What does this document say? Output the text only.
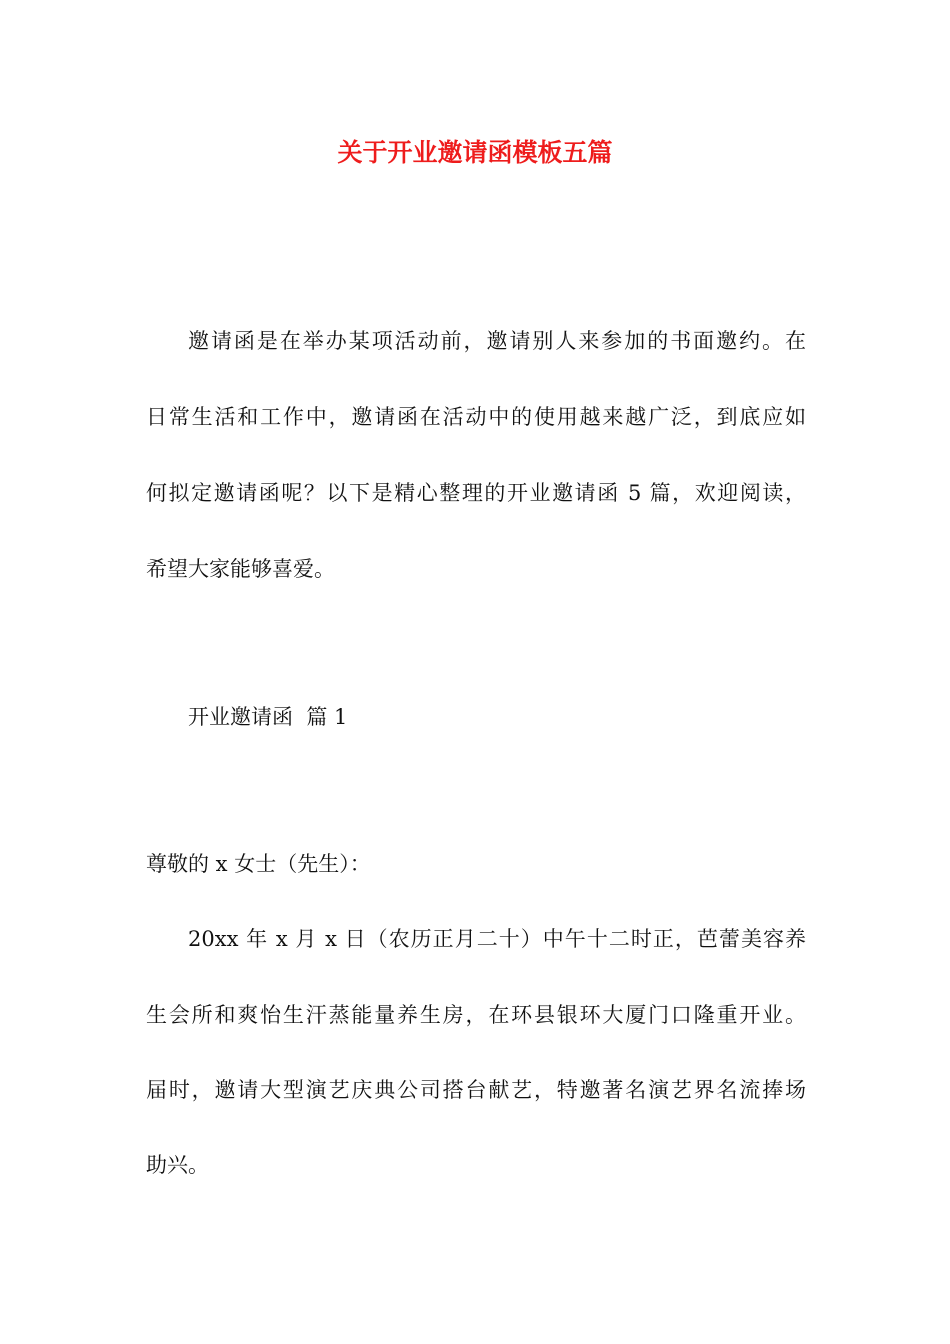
关于开业邀请函模板五篇
邀请函是在举办某项活动前，邀请别人来参加的书面邀约。在
日常生活和工作中，邀请函在活动中的使用越来越广泛，到底应如
何拟定邀请函呢？以下是精心整理的开业邀请函 5 篇，欢迎阅读，
希望大家能够喜爱。
开业邀请函  篇 1
尊敬的 x 女士（先生）：
20xx 年 x 月 x 日（农历正月二十）中午十二时正，芭蕾美容养
生会所和爽怡生汗蒸能量养生房，在环县银环大厦门口隆重开业。
届时，邀请大型演艺庆典公司搭台献艺，特邀著名演艺界名流捧场
助兴。
